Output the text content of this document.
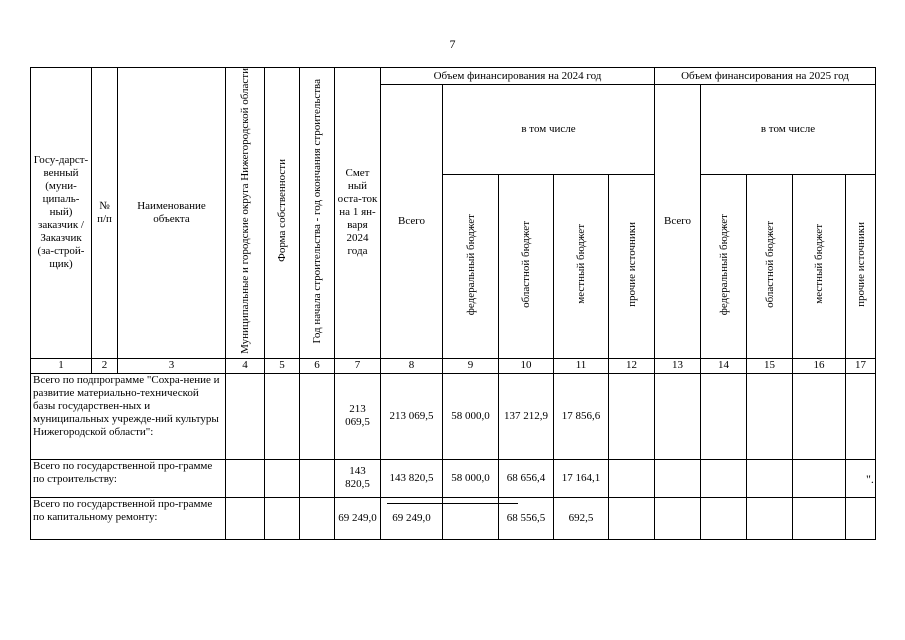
7
Госу-дарст-венный (муни-ципаль-ный) заказчик / Заказчик (за-строй-щик)	№ п/п	Наименование объекта	Муниципальные и городские округа Нижегородской области	Форма собственности	Год начала строительства - год окончания строительства	Смет ный оста-ток на 1 ян-варя 2024 года	Объем финансирования на 2024 год					Объем финансирования на 2025 год				
							Всего	в том числе				Всего	в том числе			
								федеральный бюджет	областной бюджет	местный бюджет	прочие источники		федеральный бюджет	областной бюджет	местный бюджет	прочие источники
1	2	3	4	5	6	7	8	9	10	11	12	13	14	15	16	17
Всего по подпрограмме "Сохра-нение и развитие материально-технической базы государствен-ных и муниципальных учрежде-ний культуры Нижегородской области":						213 069,5	213 069,5	58 000,0	137 212,9	17 856,6						
Всего по государственной про-грамме по строительству:						143 820,5	143 820,5	58 000,0	68 656,4	17 164,1						
Всего по государственной про-грамме по капитальному ремонту:						69 249,0	69 249,0		68 556,5	692,5						
".
